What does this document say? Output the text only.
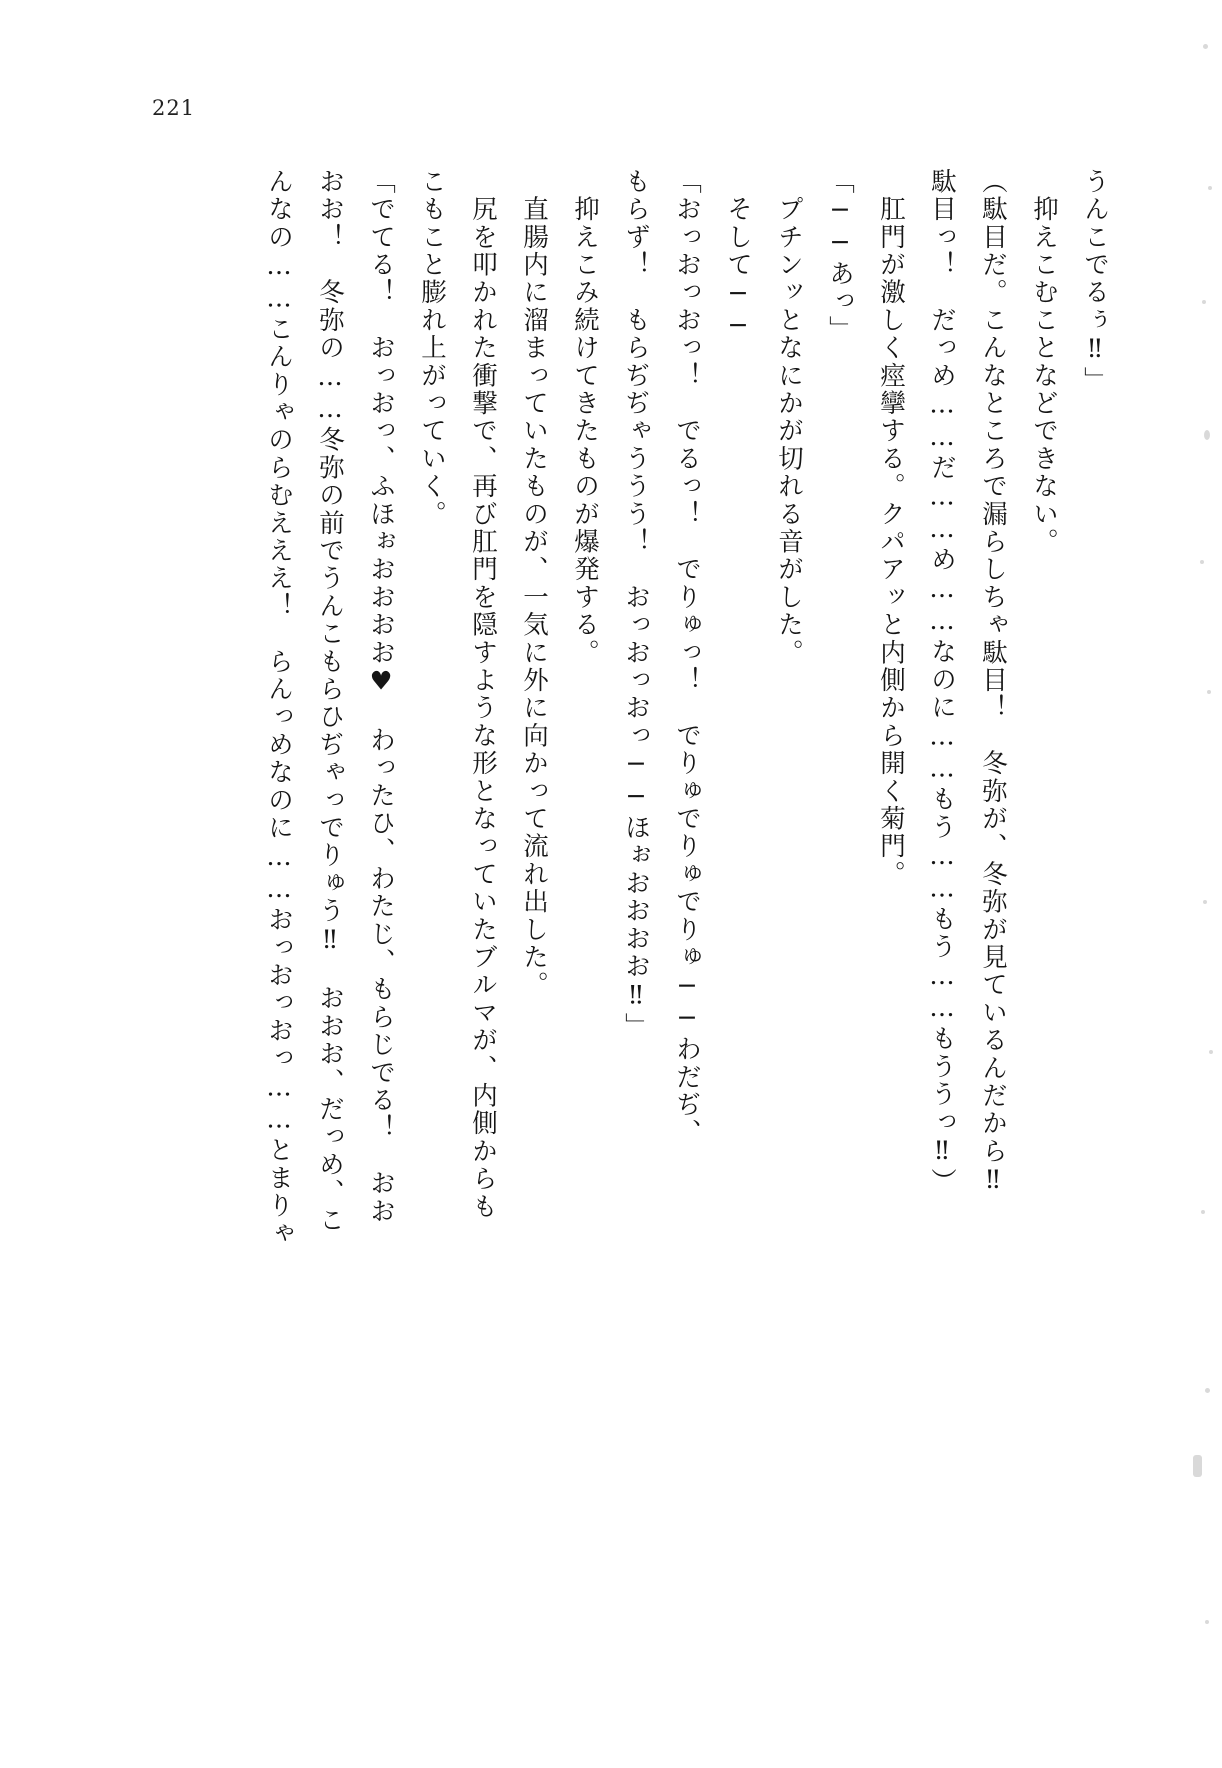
221
うんこでるぅ‼」
　抑えこむことなどできない。
（駄目だ。こんなところで漏らしちゃ駄目！　冬弥が、冬弥が見ているんだから‼
駄目っ！　だっめ……だ……め……なのに……もう……もう……もううっ‼）
　肛門が激しく痙攣する。クパアッと内側から開く菊門。
「──あっ」
　プチンッとなにかが切れる音がした。
　そして──
「おっおっおっ！　でるっ！　でりゅっ！　でりゅでりゅでりゅ──わだぢ、
もらず！　もらぢぢゃううう！　おっおっおっ──ほぉおおおお‼」
　抑えこみ続けてきたものが爆発する。
　直腸内に溜まっていたものが、一気に外に向かって流れ出した。
　尻を叩かれた衝撃で、再び肛門を隠すような形となっていたブルマが、内側からも
こもこと膨れ上がっていく。
「でてる！　おっおっ、ふほぉおおおお♥　わったひ、わたじ、もらじでる！　おお
おお！　冬弥の……冬弥の前でうんこもらひぢゃっでりゅう‼　おおお、だっめ、こ
んなの……こんりゃのらむえええ！　らんっめなのに……おっおっおっ……とまりゃ
